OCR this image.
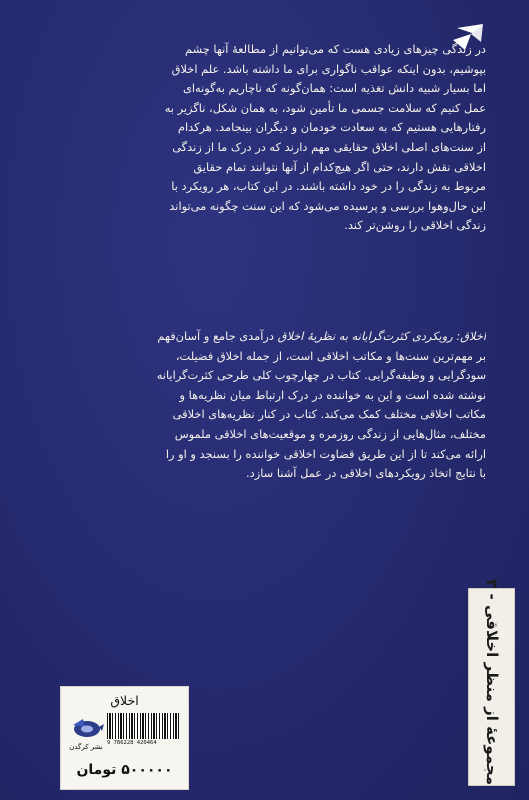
در زندگی چیزهای زیادی هست که می‌توانیم از مطالعهٔ آنها چشم
بپوشیم، بدون اینکه عواقب ناگواری برای ما داشته باشد. علم اخلاق
اما بسیار شبیه دانش تغذیه است: همان‌گونه که ناچاریم به‌گونه‌ای
عمل کنیم که سلامت جسمی ما تأمین شود، به همان شکل، ناگزیر به
رفتارهایی هستیم که به سعادت خودمان و دیگران بینجامد. هرکدام
از سنت‌های اصلی اخلاق حقایقی مهم دارند که در درک ما از زندگی
اخلاقی نقش دارند، حتی اگر هیچ‌کدام از آنها نتوانند تمام حقایق
مربوط به زندگی را در خود داشته باشند. در این کتاب، هر رویکرد با
این حال‌وهوا بررسی و پرسیده می‌شود که این سنت چگونه می‌تواند
زندگی اخلاقی را روشن‌تر کند.
اخلاق: رویکردی کثرت‌گرایانه به نظریهٔ اخلاق درآمدی جامع و آسان‌فهم
بر مهم‌ترین سنت‌ها و مکاتب اخلاقی است، از جمله اخلاق فضیلت،
سودگرایی و وظیفه‌گرایی. کتاب در چهارچوب کلی طرحی کثرت‌گرایانه
نوشته شده است و این به خواننده در درک ارتباط میان نظریه‌ها و
مکاتب اخلاقی مختلف کمک می‌کند. کتاب در کنار نظریه‌های اخلاقی
مختلف، مثال‌هایی از زندگی روزمره و موقعیت‌های اخلاقی ملموس
ارائه می‌کند تا از این طریق قضاوت اخلاقی خواننده را بسنجد و او را
با نتایج اتخاذ رویکردهای اخلاقی در عمل آشنا سازد.
مجموعهٔ از منظر اخلاقی - ۳
اخلاق
9 786228 420464
نشر کرگدن
۵۰۰۰۰۰ تومان
